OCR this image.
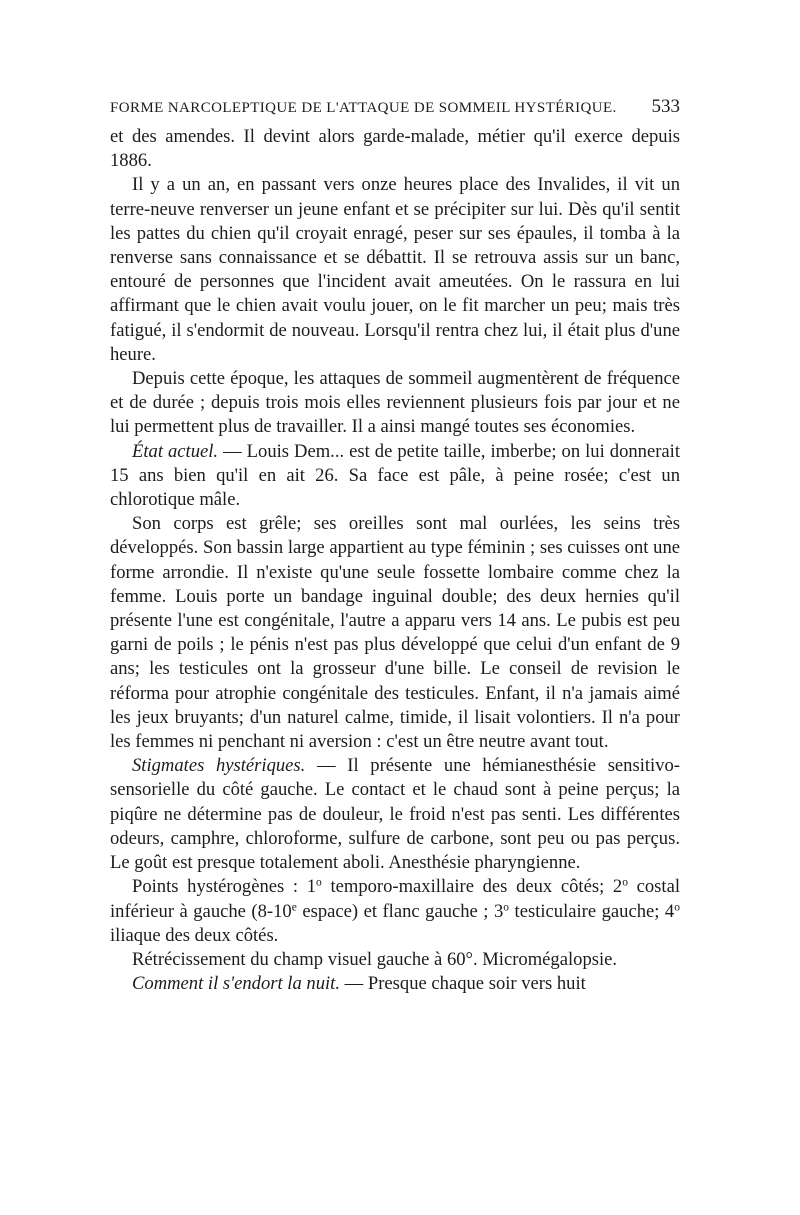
FORME NARCOLEPTIQUE DE L'ATTAQUE DE SOMMEIL HYSTÉRIQUE. 533

et des amendes. Il devint alors garde-malade, métier qu'il exerce depuis 1886.

Il y a un an, en passant vers onze heures place des Invalides, il vit un terre-neuve renverser un jeune enfant et se précipiter sur lui. Dès qu'il sentit les pattes du chien qu'il croyait enragé, peser sur ses épaules, il tomba à la renverse sans connaissance et se débattit. Il se retrouva assis sur un banc, entouré de personnes que l'incident avait ameutées. On le rassura en lui affirmant que le chien avait voulu jouer, on le fit marcher un peu; mais très fatigué, il s'endormit de nouveau. Lorsqu'il rentra chez lui, il était plus d'une heure.

Depuis cette époque, les attaques de sommeil augmentèrent de fréquence et de durée ; depuis trois mois elles reviennent plusieurs fois par jour et ne lui permettent plus de travailler. Il a ainsi mangé toutes ses économies.

État actuel. — Louis Dem... est de petite taille, imberbe; on lui donnerait 15 ans bien qu'il en ait 26. Sa face est pâle, à peine rosée; c'est un chlorotique mâle.

Son corps est grêle; ses oreilles sont mal ourlées, les seins très développés. Son bassin large appartient au type féminin ; ses cuisses ont une forme arrondie. Il n'existe qu'une seule fossette lombaire comme chez la femme. Louis porte un bandage inguinal double; des deux hernies qu'il présente l'une est congénitale, l'autre a apparu vers 14 ans. Le pubis est peu garni de poils ; le pénis n'est pas plus développé que celui d'un enfant de 9 ans; les testicules ont la grosseur d'une bille. Le conseil de revision le réforma pour atrophie congénitale des testicules. Enfant, il n'a jamais aimé les jeux bruyants; d'un naturel calme, timide, il lisait volontiers. Il n'a pour les femmes ni penchant ni aversion : c'est un être neutre avant tout.

Stigmates hystériques. — Il présente une hémianesthésie sensitivo-sensorielle du côté gauche. Le contact et le chaud sont à peine perçus; la piqûre ne détermine pas de douleur, le froid n'est pas senti. Les différentes odeurs, camphre, chloroforme, sulfure de carbone, sont peu ou pas perçus. Le goût est presque totalement aboli. Anesthésie pharyngienne.

Points hystérogènes : 1$^o$ temporo-maxillaire des deux côtés; 2$^o$ costal inférieur à gauche (8-10e espace) et flanc gauche ; 3$^o$ testiculaire gauche; 4$^o$ iliaque des deux côtés.

Rétrécissement du champ visuel gauche à 60°. Micromégalopsie.

Comment il s'endort la nuit. — Presque chaque soir vers huit
